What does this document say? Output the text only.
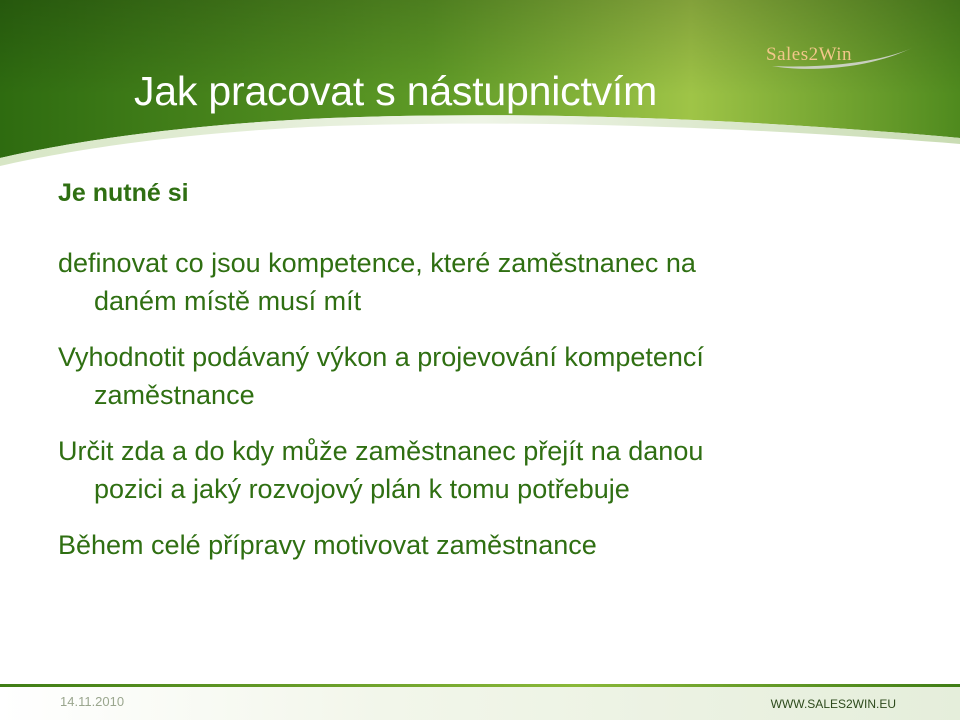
Sales2Win
Jak pracovat s nástupnictvím

Je nutné si

definovat co jsou kompetence, které zaměstnanec na
daném místě musí mít
Vyhodnotit podávaný výkon a projevování kompetencí
zaměstnance
Určit zda a do kdy může zaměstnanec přejít na danou
pozici a jaký rozvojový plán k tomu potřebuje
Během celé přípravy motivovat zaměstnance
14.11.2010	WWW.SALES2WIN.EU
